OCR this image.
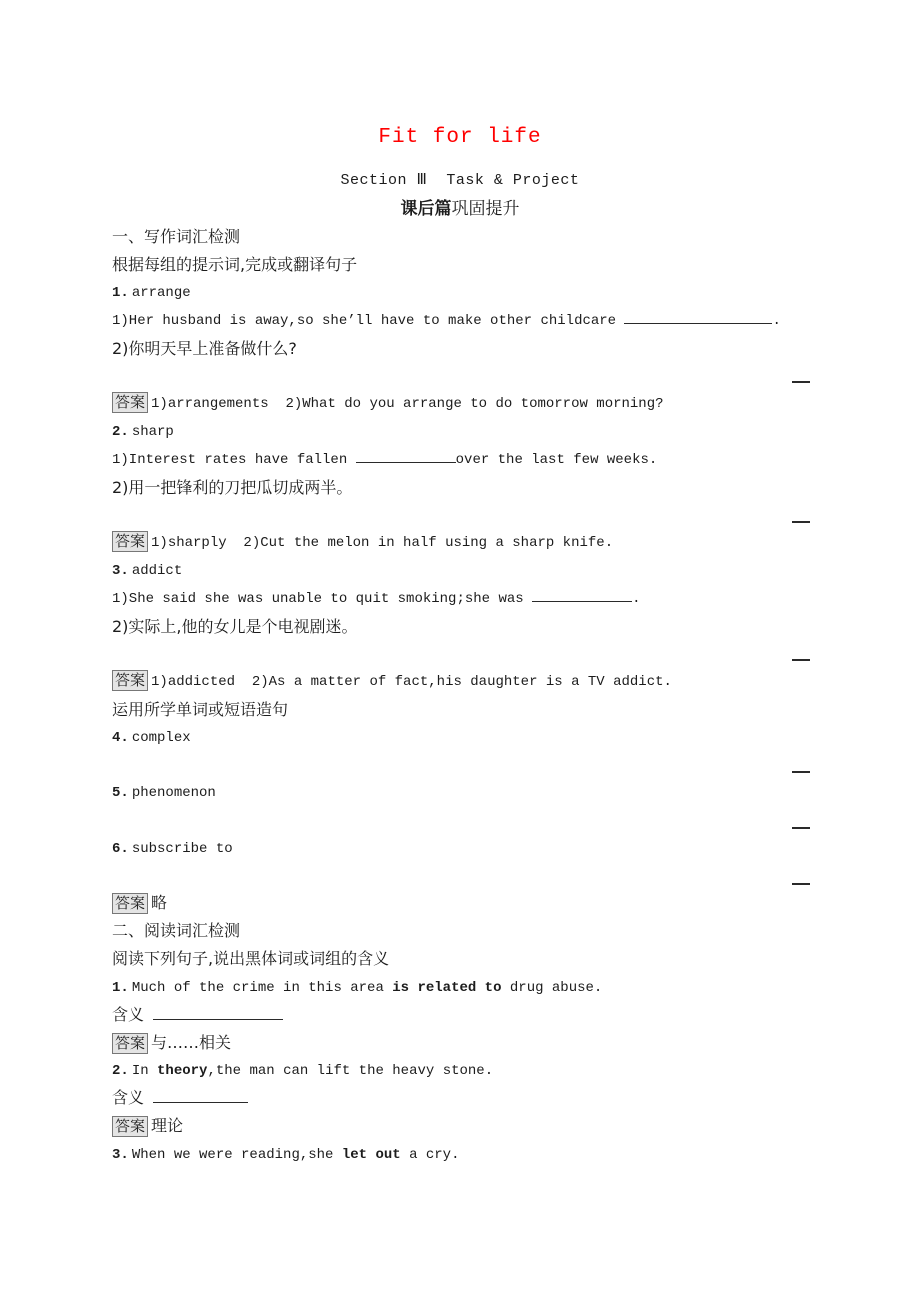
Fit for life
Section Ⅲ  Task & Project
课后篇巩固提升
一、写作词汇检测
根据每组的提示词,完成或翻译句子
1. arrange
1)Her husband is away,so she’ll have to make other childcare	.
2)你明天早上准备做什么?
答案 1)arrangements  2)What do you arrange to do tomorrow morning?
2. sharp
1)Interest rates have fallen	over the last few weeks.
2)用一把锋利的刀把瓜切成两半。
答案 1)sharply  2)Cut the melon in half using a sharp knife.
3. addict
1)She said she was unable to quit smoking;she was	.
2)实际上,他的女儿是个电视剧迷。
答案 1)addicted  2)As a matter of fact,his daughter is a TV addict.
运用所学单词或短语造句
4. complex
5. phenomenon
6. subscribe to
答案 略
二、阅读词汇检测
阅读下列句子,说出黑体词或词组的含义
1. Much of the crime in this area is related to drug abuse.
含义
答案 与……相关
2. In theory,the man can lift the heavy stone.
含义
答案 理论
3. When we were reading,she let out a cry.
